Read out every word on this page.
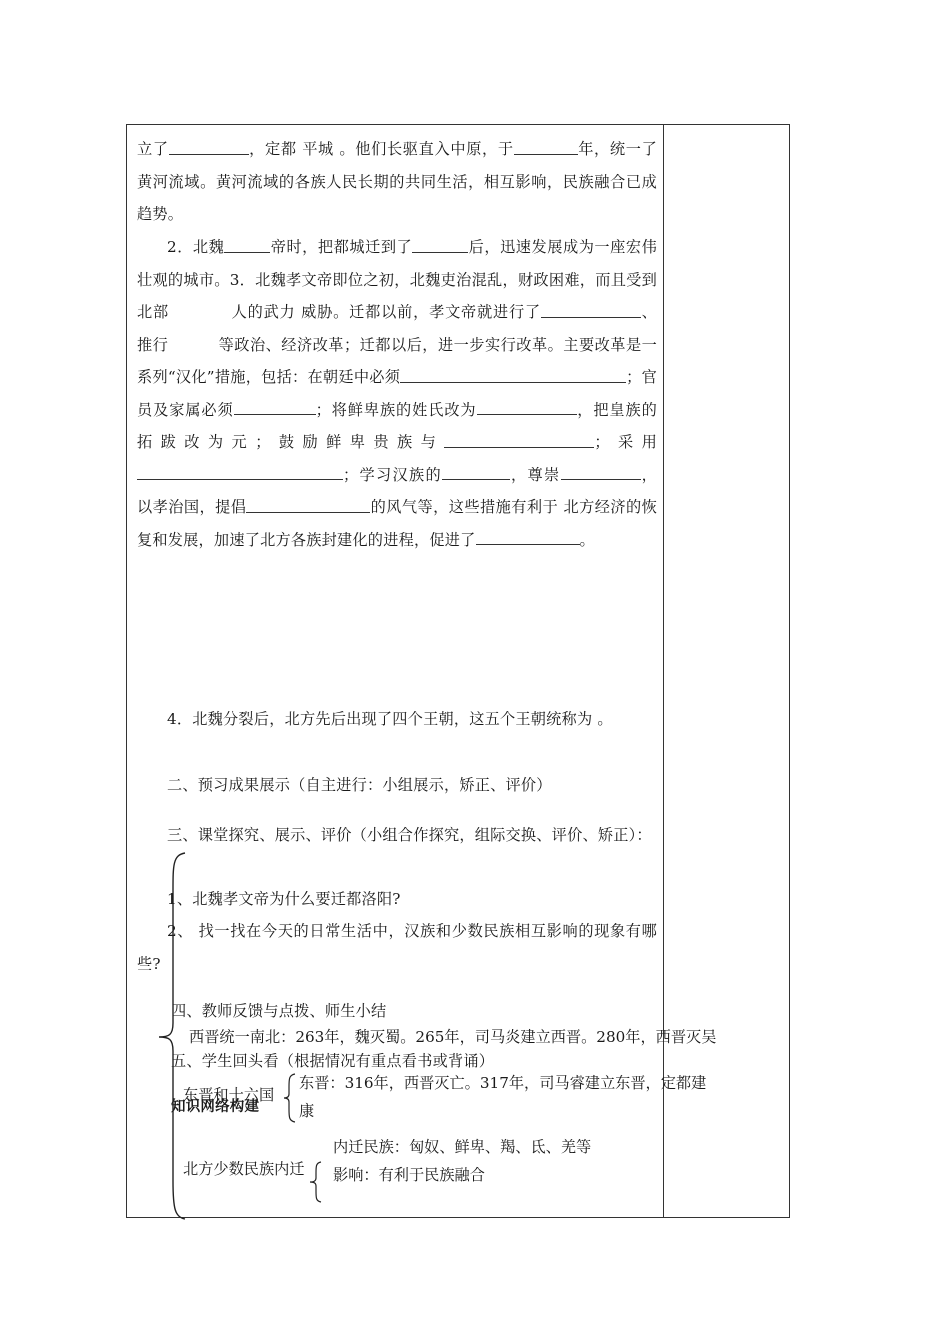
立了	，定都 平城 。他们长驱直入中原，于	年，统一了黄河流域。黄河流域的各族人民长期的共同生活，相互影响，民族融合已成趋势。

2．北魏	帝时，把都城迁到了	后，迅速发展成为一座宏伟壮观的城市。3．北魏孝文帝即位之初，北魏吏治混乱，财政困难，而且受到北部	人的武力 威胁。迁都以前，孝文帝就进行了	、推行	等政治、经济改革；迁都以后，进一步实行改革。主要改革是一系列“汉化”措施，包括：在朝廷中必须	；官员及家属必须	；将鲜卑族的姓氏改为	，把皇族的拓跋改为元；鼓励鲜卑贵族与	；采用；学习汉族的	，尊崇	，以孝治国，提倡	的风气等，这些措施有利于 北方经济的恢复和发展，加速了北方各族封建化的进程，促进了	。

4．北魏分裂后，北方先后出现了四个王朝，这五个王朝统称为 。

二、预习成果展示（自主进行：小组展示，矫正、评价）

三、课堂探究、展示、评价（小组合作探究，组际交换、评价、矫正）：

1、北魏孝文帝为什么要迁都洛阳?

2、 找一找在今天的日常生活中，汉族和少数民族相互影响的现象有哪些?

四、教师反馈与点拨、师生小结

五、学生回头看（根据情况有重点看书或背诵）

知识网络构建

西晋统一南北：263年，魏灭蜀。265年，司马炎建立西晋。280年，西晋灭吴
东晋和十六国
东晋：316年，西晋灭亡。317年，司马睿建立东晋，定都建
康
北方少数民族内迁
内迁民族：匈奴、鲜卑、羯、氐、羌等
影响：有利于民族融合
